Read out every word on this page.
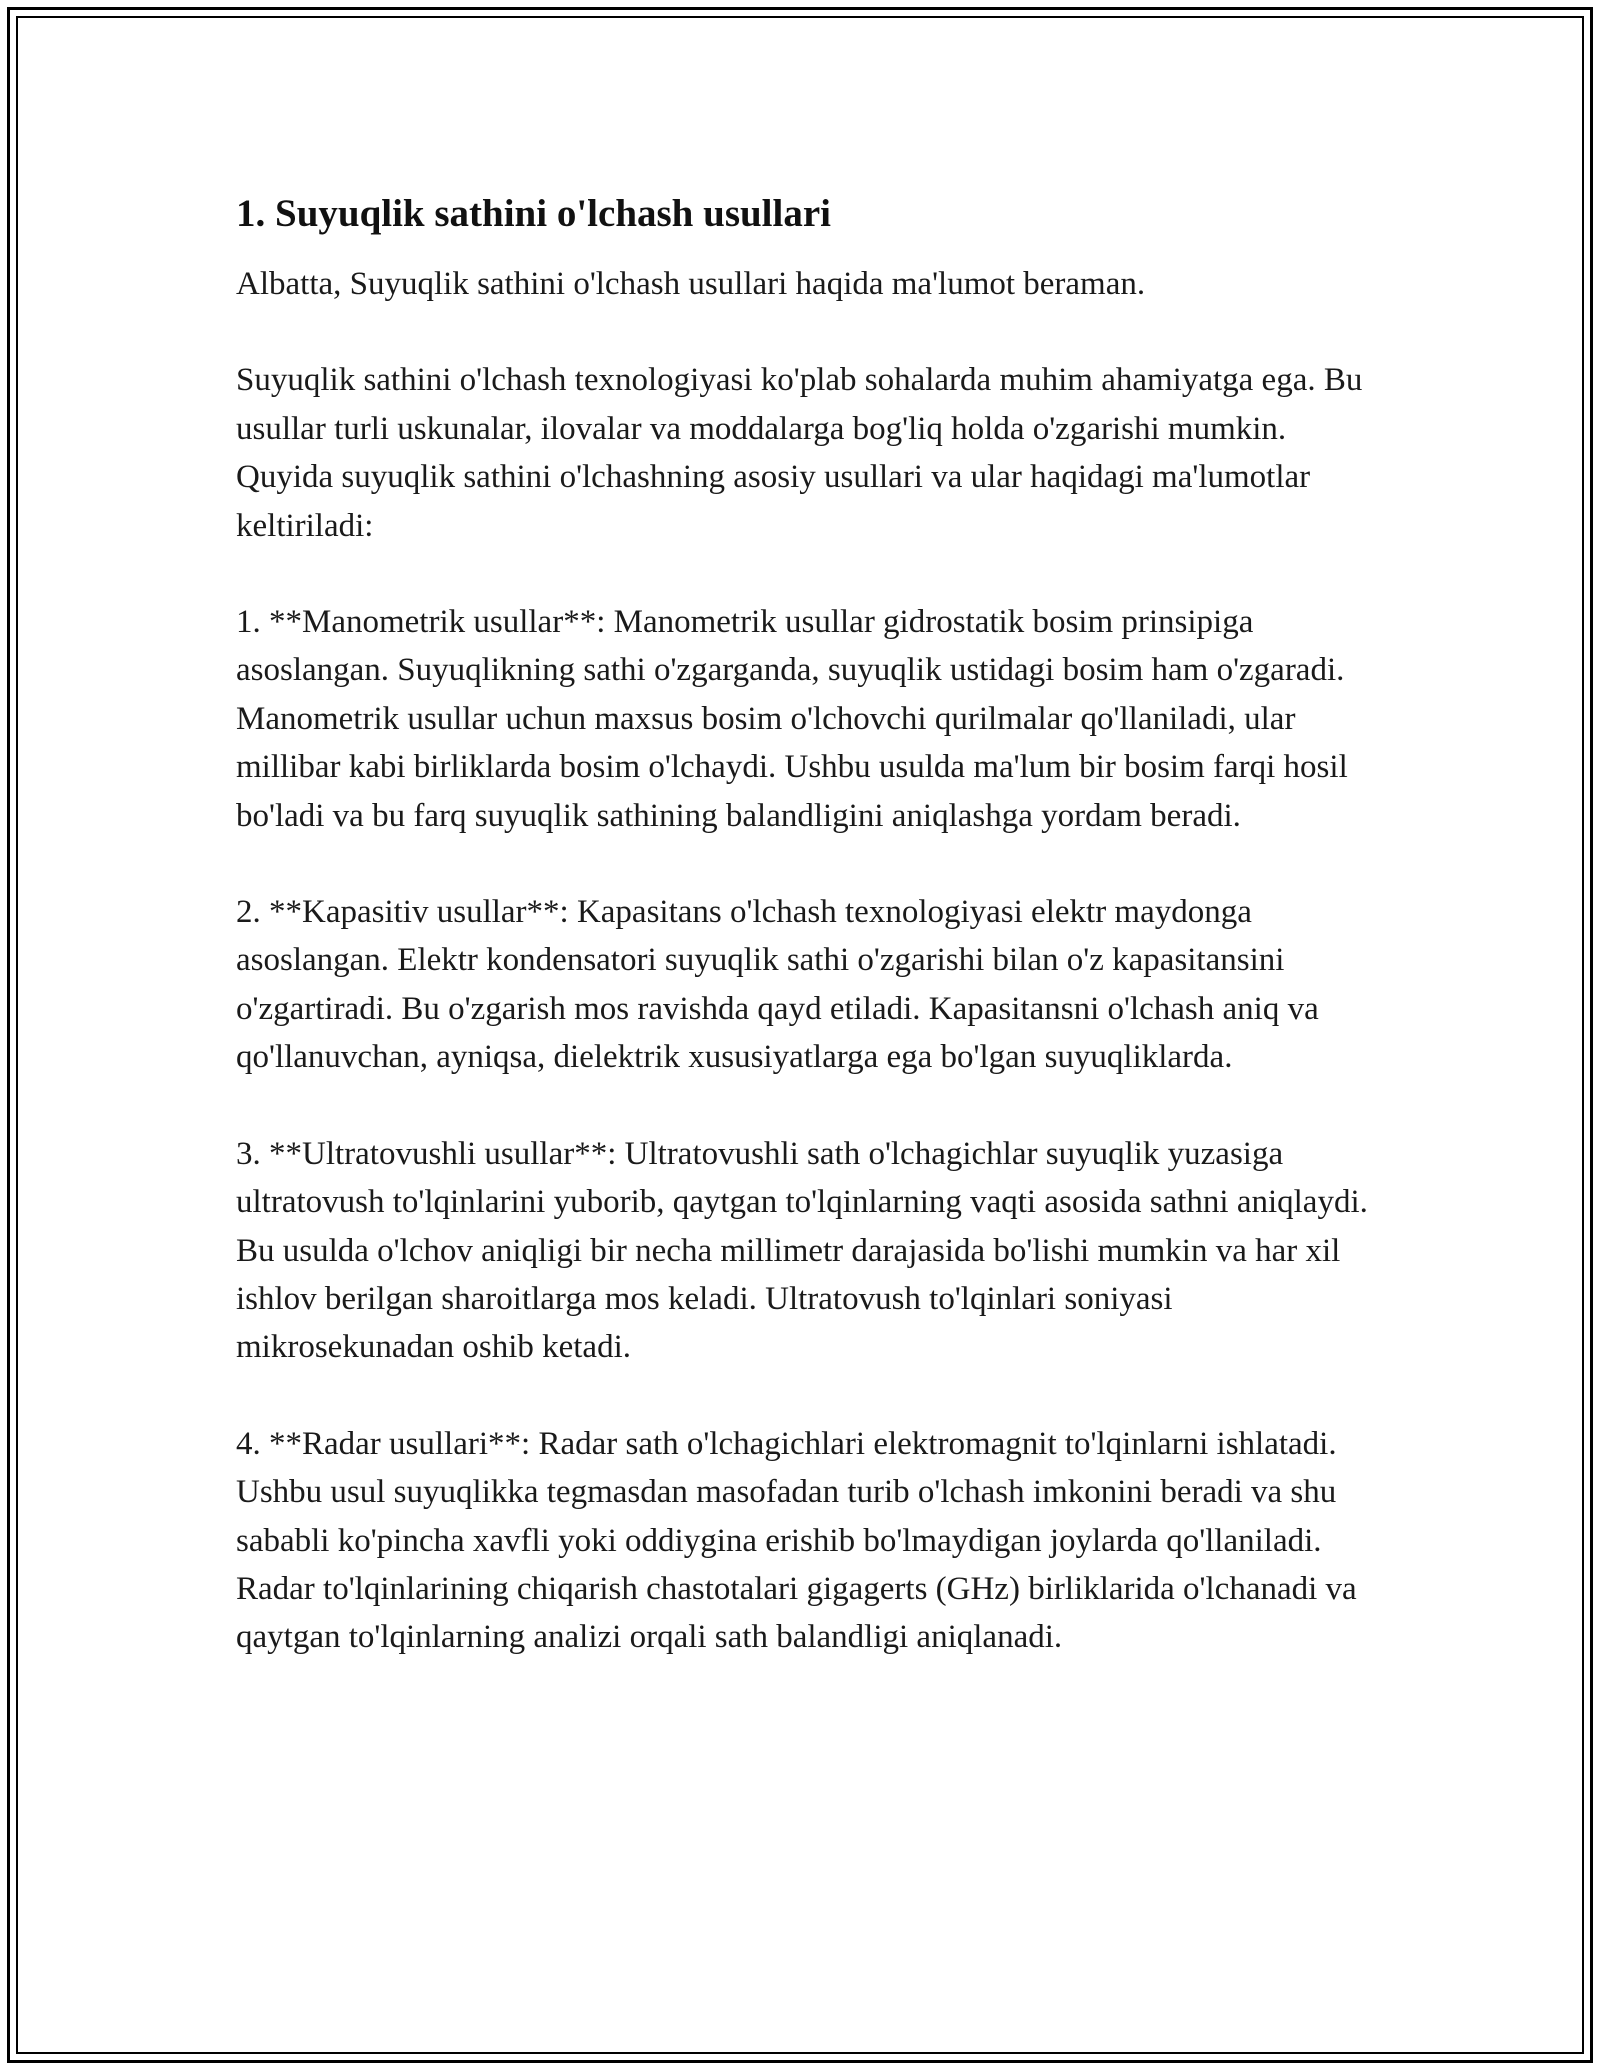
1. Suyuqlik sathini o'lchash usullari

Albatta, Suyuqlik sathini o'lchash usullari haqida ma'lumot beraman.

Suyuqlik sathini o'lchash texnologiyasi ko'plab sohalarda muhim ahamiyatga ega. Bu usullar turli uskunalar, ilovalar va moddalarga bog'liq holda o'zgarishi mumkin. Quyida suyuqlik sathini o'lchashning asosiy usullari va ular haqidagi ma'lumotlar keltiriladi:

1. **Manometrik usullar**: Manometrik usullar gidrostatik bosim prinsipiga asoslangan. Suyuqlikning sathi o'zgarganda, suyuqlik ustidagi bosim ham o'zgaradi. Manometrik usullar uchun maxsus bosim o'lchovchi qurilmalar qo'llaniladi, ular millibar kabi birliklarda bosim o'lchaydi. Ushbu usulda ma'lum bir bosim farqi hosil bo'ladi va bu farq suyuqlik sathining balandligini aniqlashga yordam beradi.

2. **Kapasitiv usullar**: Kapasitans o'lchash texnologiyasi elektr maydonga asoslangan. Elektr kondensatori suyuqlik sathi o'zgarishi bilan o'z kapasitansini o'zgartiradi. Bu o'zgarish mos ravishda qayd etiladi. Kapasitansni o'lchash aniq va qo'llanuvchan, ayniqsa, dielektrik xususiyatlarga ega bo'lgan suyuqliklarda.

3. **Ultratovushli usullar**: Ultratovushli sath o'lchagichlar suyuqlik yuzasiga ultratovush to'lqinlarini yuborib, qaytgan to'lqinlarning vaqti asosida sathni aniqlaydi. Bu usulda o'lchov aniqligi bir necha millimetr darajasida bo'lishi mumkin va har xil ishlov berilgan sharoitlarga mos keladi. Ultratovush to'lqinlari soniyasi mikrosekunadan oshib ketadi.

4. **Radar usullari**: Radar sath o'lchagichlari elektromagnit to'lqinlarni ishlatadi. Ushbu usul suyuqlikka tegmasdan masofadan turib o'lchash imkonini beradi va shu sababli ko'pincha xavfli yoki oddiygina erishib bo'lmaydigan joylarda qo'llaniladi. Radar to'lqinlarining chiqarish chastotalari gigagerts (GHz) birliklarida o'lchanadi va qaytgan to'lqinlarning analizi orqali sath balandligi aniqlanadi.
